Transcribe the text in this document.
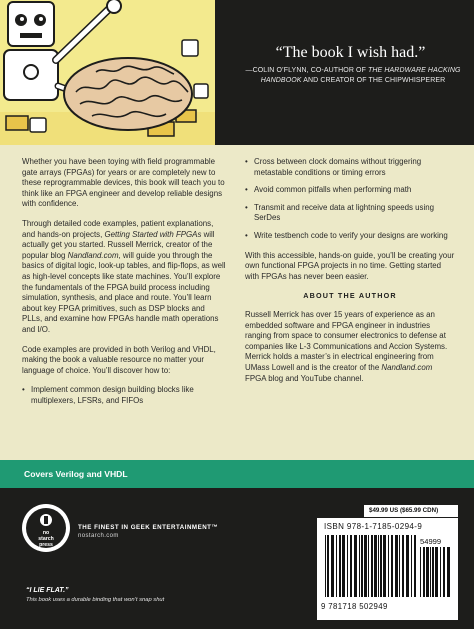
“The book I wish had.”
—COLIN O’FLYNN, CO-AUTHOR OF THE HARDWARE HACKING HANDBOOK AND CREATOR OF THE CHIPWHISPERER

Whether you have been toying with field programmable gate arrays (FPGAs) for years or are completely new to these reprogrammable devices, this book will teach you to think like an FPGA engineer and develop reliable designs with confidence.

Through detailed code examples, patient explanations, and hands-on projects, Getting Started with FPGAs will actually get you started. Russell Merrick, creator of the popular blog Nandland.com, will guide you through the basics of digital logic, look-up tables, and flip-flops, as well as high-level concepts like state machines. You’ll explore the fundamentals of the FPGA build process including simulation, synthesis, and place and route. You’ll learn about key FPGA primitives, such as DSP blocks and PLLs, and examine how FPGAs handle math operations and I/O.

Code examples are provided in both Verilog and VHDL, making the book a valuable resource no matter your language of choice. You’ll discover how to:

• Implement common design building blocks like multiplexers, LFSRs, and FIFOs
• Cross between clock domains without triggering metastable conditions or timing errors
• Avoid common pitfalls when performing math
• Transmit and receive data at lightning speeds using SerDes
• Write testbench code to verify your designs are working

With this accessible, hands-on guide, you’ll be creating your own functional FPGA projects in no time. Getting started with FPGAs has never been easier.

ABOUT THE AUTHOR

Russell Merrick has over 15 years of experience as an embedded software and FPGA engineer in industries ranging from space to consumer electronics to defense at companies like L-3 Communications and Accion Systems. Merrick holds a master’s in electrical engineering from UMass Lowell and is the creator of the Nandland.com FPGA blog and YouTube channel.

Covers Verilog and VHDL
no
starch
press
THE FINEST IN GEEK ENTERTAINMENT™
nostarch.com
“I LIE FLAT.”
This book uses a durable binding that won’t snap shut
$49.99 US ($65.99 CDN)
ISBN 978-1-7185-0294-9
54999
9 781718 502949
